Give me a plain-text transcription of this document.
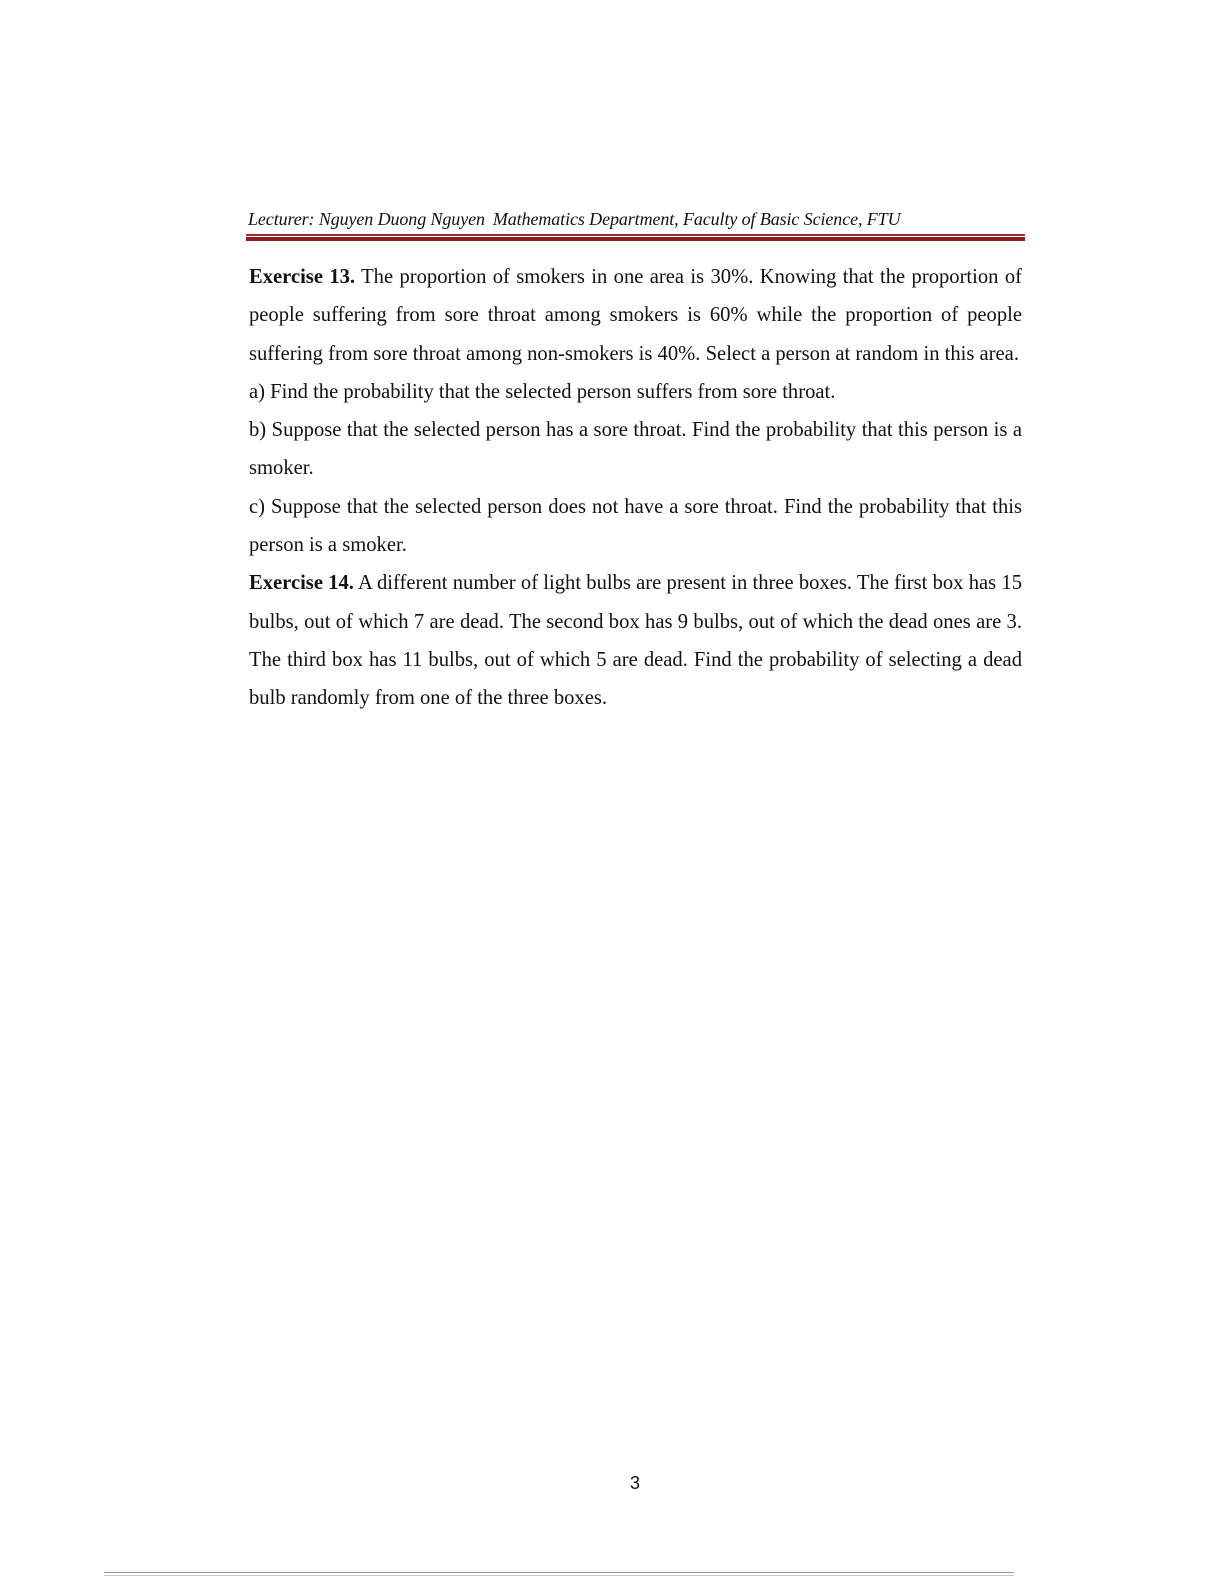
Lecturer: Nguyen Duong Nguyen Mathematics Department, Faculty of Basic Science, FTU

Exercise 13. The proportion of smokers in one area is 30%. Knowing that the proportion of people suffering from sore throat among smokers is 60% while the proportion of people suffering from sore throat among non-smokers is 40%. Select a person at random in this area.

a) Find the probability that the selected person suffers from sore throat.

b) Suppose that the selected person has a sore throat. Find the probability that this person is a smoker.

c) Suppose that the selected person does not have a sore throat. Find the probability that this person is a smoker.

Exercise 14. A different number of light bulbs are present in three boxes. The first box has 15 bulbs, out of which 7 are dead. The second box has 9 bulbs, out of which the dead ones are 3. The third box has 11 bulbs, out of which 5 are dead. Find the probability of selecting a dead bulb randomly from one of the three boxes.

3
